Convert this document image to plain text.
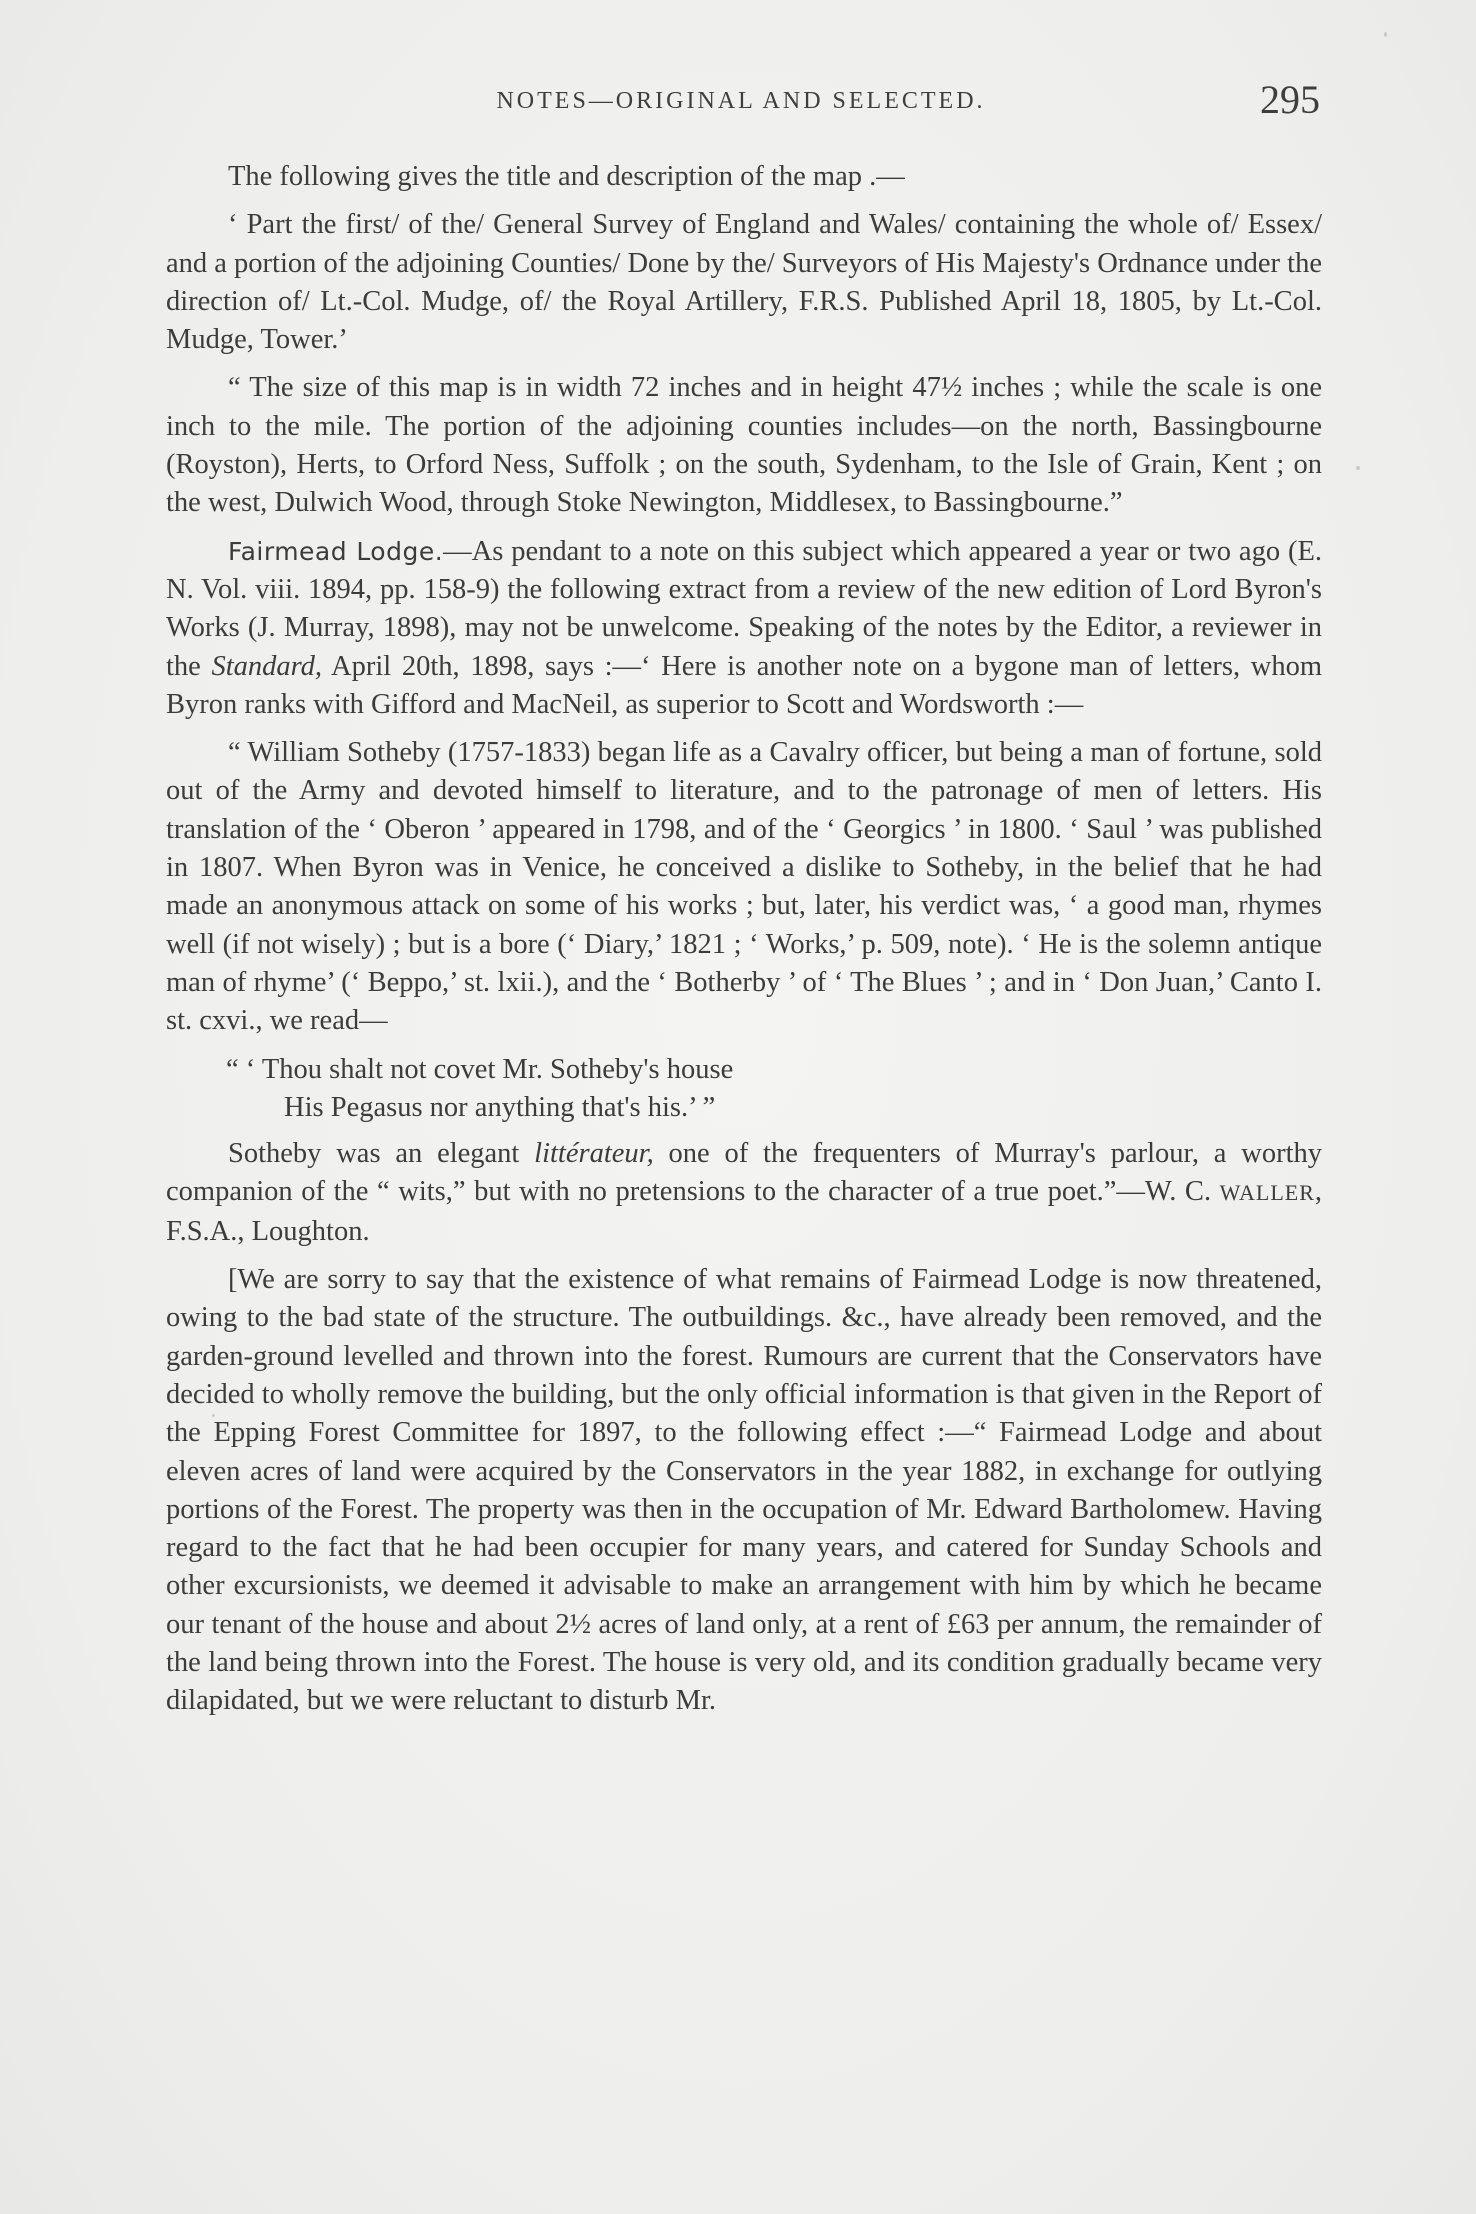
NOTES—ORIGINAL AND SELECTED.	295

The following gives the title and description of the map .—

‘ Part the first/ of the/ General Survey of England and Wales/ containing the whole of/ Essex/ and a portion of the adjoining Counties/ Done by the/ Surveyors of His Majesty's Ordnance under the direction of/ Lt.-Col. Mudge, of/ the Royal Artillery, F.R.S. Published April 18, 1805, by Lt.-Col. Mudge, Tower.’

“ The size of this map is in width 72 inches and in height 47½ inches ; while the scale is one inch to the mile. The portion of the adjoining counties includes—on the north, Bassingbourne (Royston), Herts, to Orford Ness, Suffolk ; on the south, Sydenham, to the Isle of Grain, Kent ; on the west, Dulwich Wood, through Stoke Newington, Middlesex, to Bassingbourne.”

Fairmead Lodge.—As pendant to a note on this subject which appeared a year or two ago (E. N. Vol. viii. 1894, pp. 158-9) the following extract from a review of the new edition of Lord Byron's Works (J. Murray, 1898), may not be unwelcome. Speaking of the notes by the Editor, a reviewer in the Standard, April 20th, 1898, says :—‘ Here is another note on a bygone man of letters, whom Byron ranks with Gifford and MacNeil, as superior to Scott and Wordsworth :—

“ William Sotheby (1757-1833) began life as a Cavalry officer, but being a man of fortune, sold out of the Army and devoted himself to literature, and to the patronage of men of letters. His translation of the ‘ Oberon ’ appeared in 1798, and of the ‘ Georgics ’ in 1800. ‘ Saul ’ was published in 1807. When Byron was in Venice, he conceived a dislike to Sotheby, in the belief that he had made an anonymous attack on some of his works ; but, later, his verdict was, ‘ a good man, rhymes well (if not wisely) ; but is a bore (‘ Diary,’ 1821 ; ‘ Works,’ p. 509, note). ‘ He is the solemn antique man of rhyme’ (‘ Beppo,’ st. lxii.), and the ‘ Botherby ’ of ‘ The Blues ’ ; and in ‘ Don Juan,’ Canto I. st. cxvi., we read—

“ ‘ Thou shalt not covet Mr. Sotheby's house
His Pegasus nor anything that's his.’ ”

Sotheby was an elegant littérateur, one of the frequenters of Murray's parlour, a worthy companion of the “ wits,” but with no pretensions to the character of a true poet.”—W. C. WALLER, F.S.A., Loughton.

[We are sorry to say that the existence of what remains of Fairmead Lodge is now threatened, owing to the bad state of the structure. The outbuildings. &c., have already been removed, and the garden-ground levelled and thrown into the forest. Rumours are current that the Conservators have decided to wholly remove the building, but the only official information is that given in the Report of the Epping Forest Committee for 1897, to the following effect :—“ Fairmead Lodge and about eleven acres of land were acquired by the Conservators in the year 1882, in exchange for outlying portions of the Forest. The property was then in the occupation of Mr. Edward Bartholomew. Having regard to the fact that he had been occupier for many years, and catered for Sunday Schools and other excursionists, we deemed it advisable to make an arrangement with him by which he became our tenant of the house and about 2½ acres of land only, at a rent of £63 per annum, the remainder of the land being thrown into the Forest. The house is very old, and its condition gradually became very dilapidated, but we were reluctant to disturb Mr.
